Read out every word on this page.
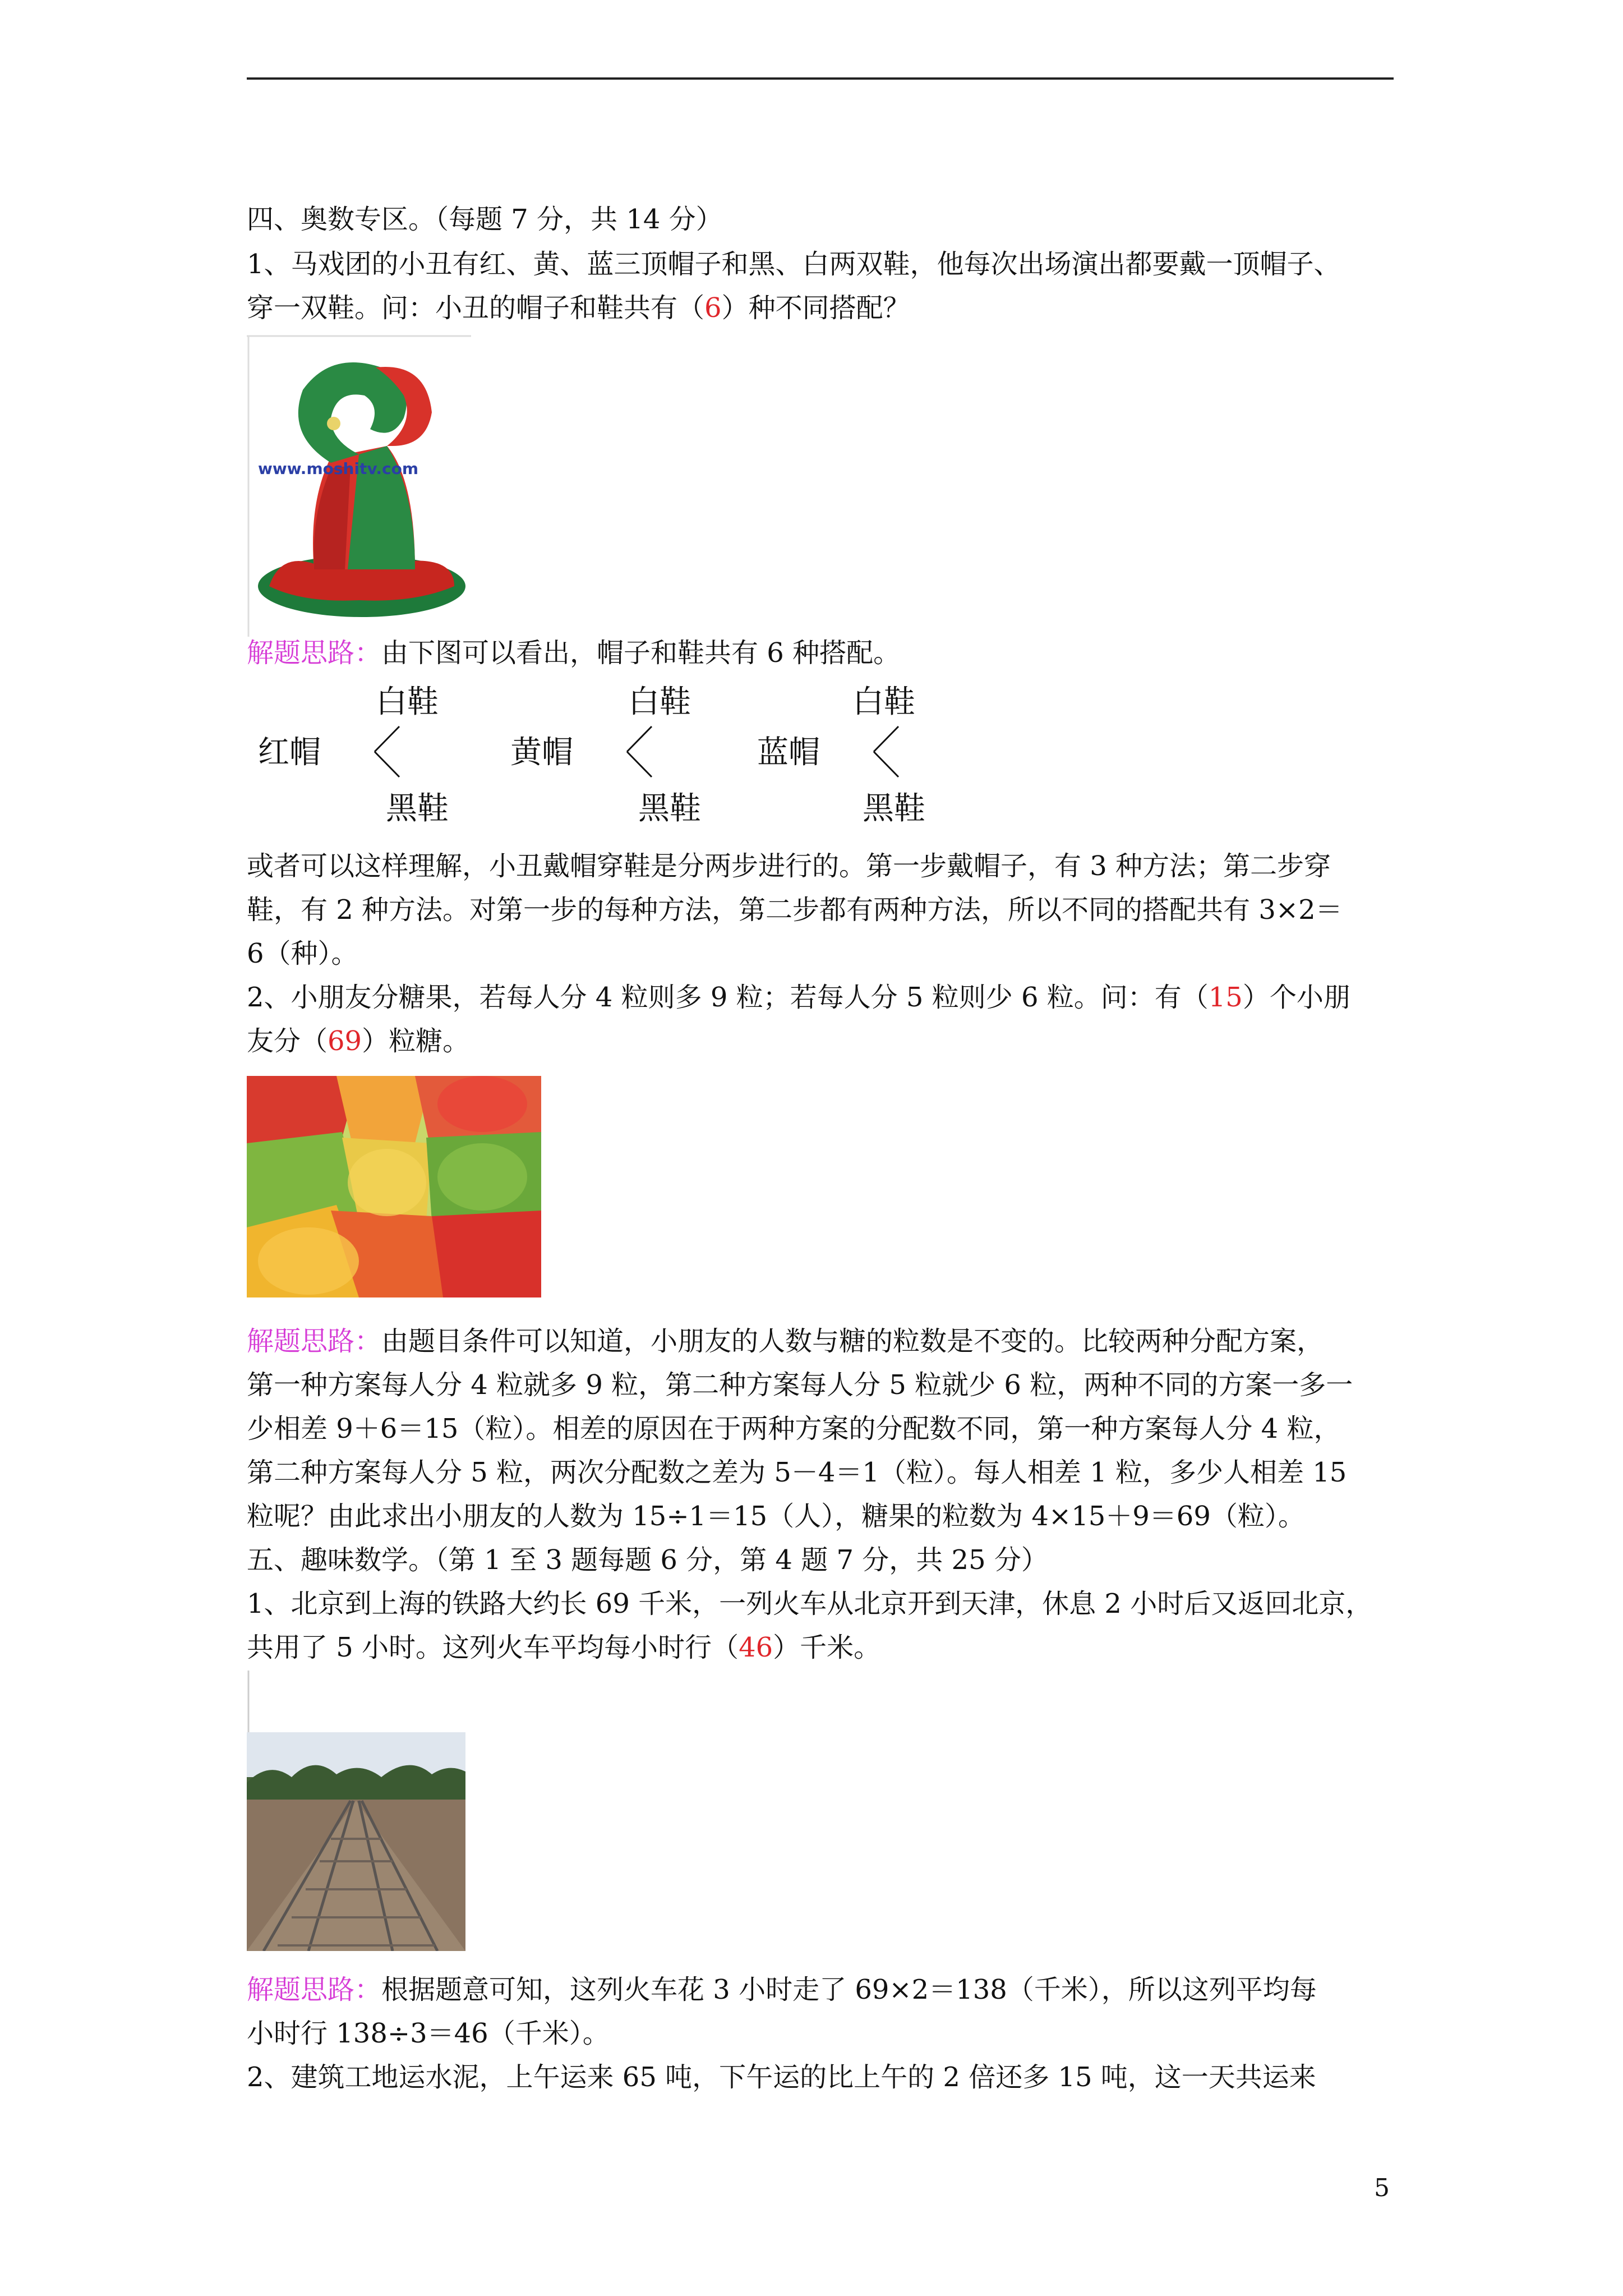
四、奥数专区。（每题 7 分，共 14 分）
1、马戏团的小丑有红、黄、蓝三顶帽子和黑、白两双鞋，他每次出场演出都要戴一顶帽子、
穿一双鞋。问：小丑的帽子和鞋共有（6）种不同搭配？
www.moshitv.com
解题思路：由下图可以看出，帽子和鞋共有 6 种搭配。
红帽
白鞋
黑鞋
黄帽
白鞋
黑鞋
蓝帽
白鞋
黑鞋
或者可以这样理解，小丑戴帽穿鞋是分两步进行的。第一步戴帽子，有 3 种方法；第二步穿
鞋，有 2 种方法。对第一步的每种方法，第二步都有两种方法，所以不同的搭配共有 3×2＝
6（种）。
2、小朋友分糖果，若每人分 4 粒则多 9 粒；若每人分 5 粒则少 6 粒。问：有（15）个小朋
友分（69）粒糖。
解题思路：由题目条件可以知道，小朋友的人数与糖的粒数是不变的。比较两种分配方案，
第一种方案每人分 4 粒就多 9 粒，第二种方案每人分 5 粒就少 6 粒，两种不同的方案一多一
少相差 9＋6＝15（粒）。相差的原因在于两种方案的分配数不同，第一种方案每人分 4 粒，
第二种方案每人分 5 粒，两次分配数之差为 5－4＝1（粒）。每人相差 1 粒，多少人相差 15
粒呢？由此求出小朋友的人数为 15÷1＝15（人），糖果的粒数为 4×15＋9＝69（粒）。
五、趣味数学。（第 1 至 3 题每题 6 分，第 4 题 7 分，共 25 分）
1、北京到上海的铁路大约长 69 千米，一列火车从北京开到天津，休息 2 小时后又返回北京，
共用了 5 小时。这列火车平均每小时行（46）千米。
解题思路：根据题意可知，这列火车花 3 小时走了 69×2＝138（千米），所以这列平均每
小时行 138÷3＝46（千米）。
2、建筑工地运水泥，上午运来 65 吨，下午运的比上午的 2 倍还多 15 吨，这一天共运来
5
